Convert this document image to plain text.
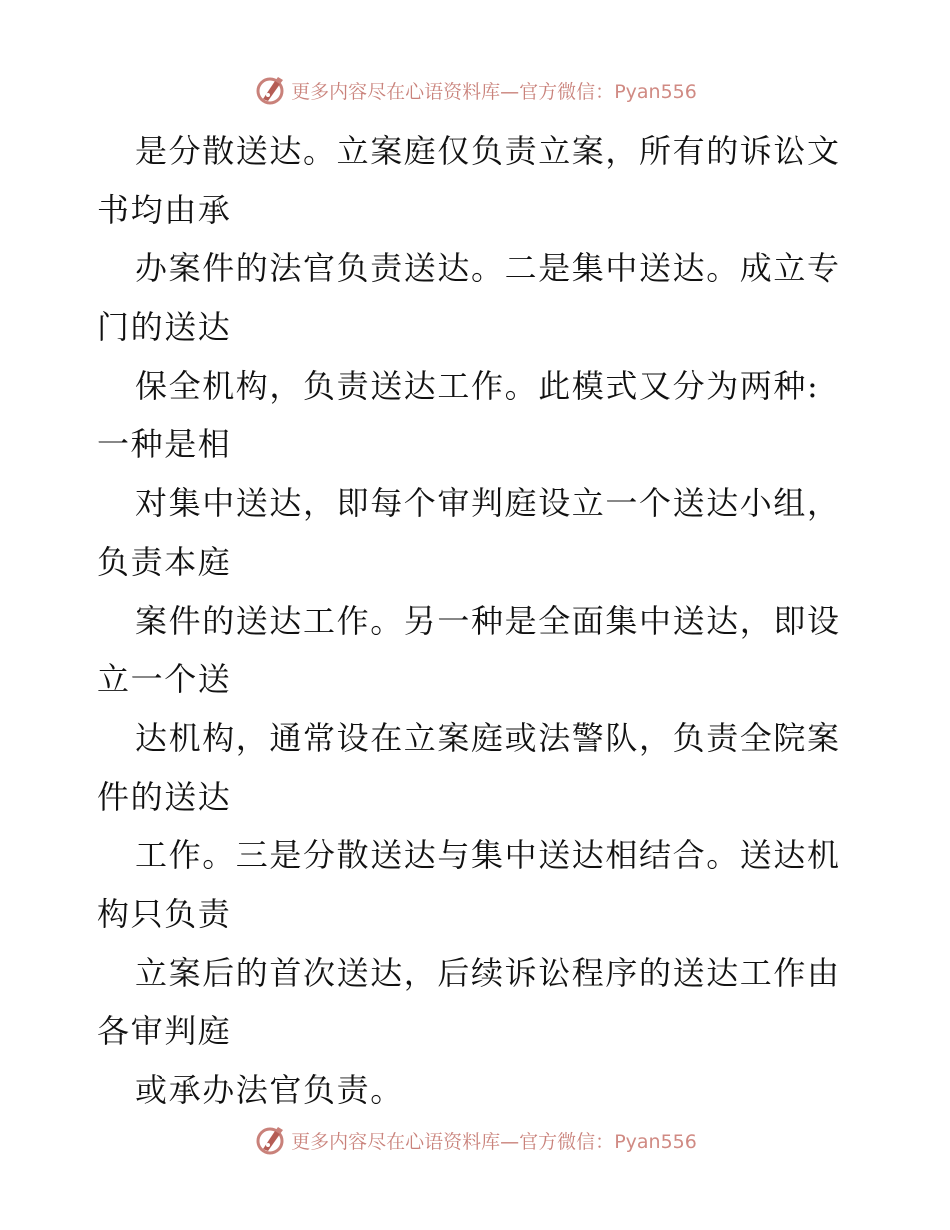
更多内容尽在心语资料库—官方微信：Pyan556
是分散送达。立案庭仅负责立案，所有的诉讼文
书均由承
办案件的法官负责送达。二是集中送达。成立专
门的送达
保全机构，负责送达工作。此模式又分为两种:
一种是相
对集中送达，即每个审判庭设立一个送达小组，
负责本庭
案件的送达工作。另一种是全面集中送达，即设
立一个送
达机构，通常设在立案庭或法警队，负责全院案
件的送达
工作。三是分散送达与集中送达相结合。送达机
构只负责
立案后的首次送达，后续诉讼程序的送达工作由
各审判庭
或承办法官负责。
更多内容尽在心语资料库—官方微信：Pyan556
